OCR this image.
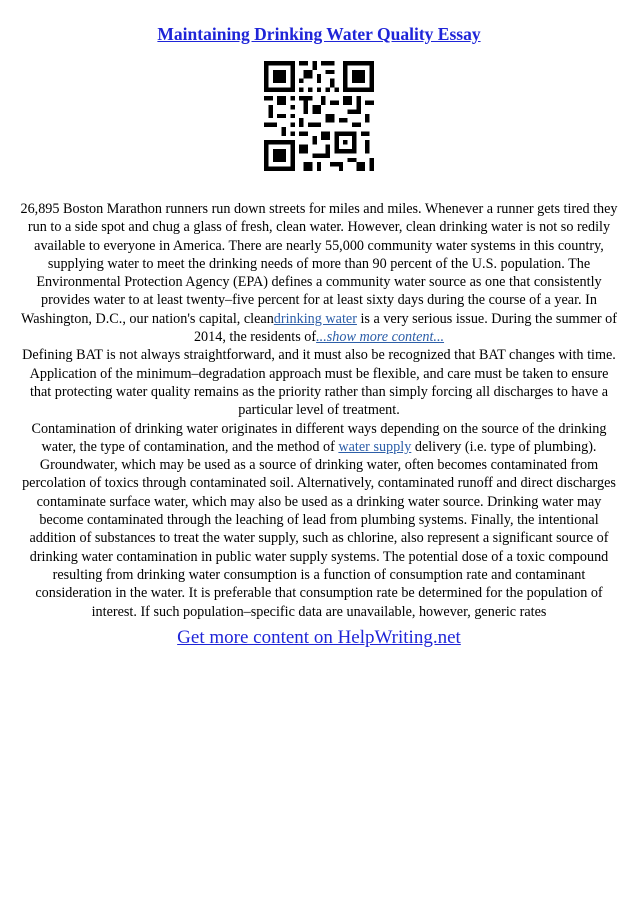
Maintaining Drinking Water Quality Essay

26,895 Boston Marathon runners run down streets for miles and miles. Whenever a runner gets tired they run to a side spot and chug a glass of fresh, clean water. However, clean drinking water is not so redily available to everyone in America. There are nearly 55,000 community water systems in this country, supplying water to meet the drinking needs of more than 90 percent of the U.S. population. The Environmental Protection Agency (EPA) defines a community water source as one that consistently provides water to at least twenty–five percent for at least sixty days during the course of a year. In Washington, D.C., our nation's capital, cleandrinking water is a very serious issue. During the summer of 2014, the residents of...show more content...

Defining BAT is not always straightforward, and it must also be recognized that BAT changes with time. Application of the minimum–degradation approach must be flexible, and care must be taken to ensure that protecting water quality remains as the priority rather than simply forcing all discharges to have a particular level of treatment.

Contamination of drinking water originates in different ways depending on the source of the drinking water, the type of contamination, and the method of water supply delivery (i.e. type of plumbing). Groundwater, which may be used as a source of drinking water, often becomes contaminated from percolation of toxics through contaminated soil. Alternatively, contaminated runoff and direct discharges contaminate surface water, which may also be used as a drinking water source. Drinking water may become contaminated through the leaching of lead from plumbing systems. Finally, the intentional addition of substances to treat the water supply, such as chlorine, also represent a significant source of drinking water contamination in public water supply systems. The potential dose of a toxic compound resulting from drinking water consumption is a function of consumption rate and contaminant consideration in the water. It is preferable that consumption rate be determined for the population of interest. If such population–specific data are unavailable, however, generic rates

Get more content on HelpWriting.net
